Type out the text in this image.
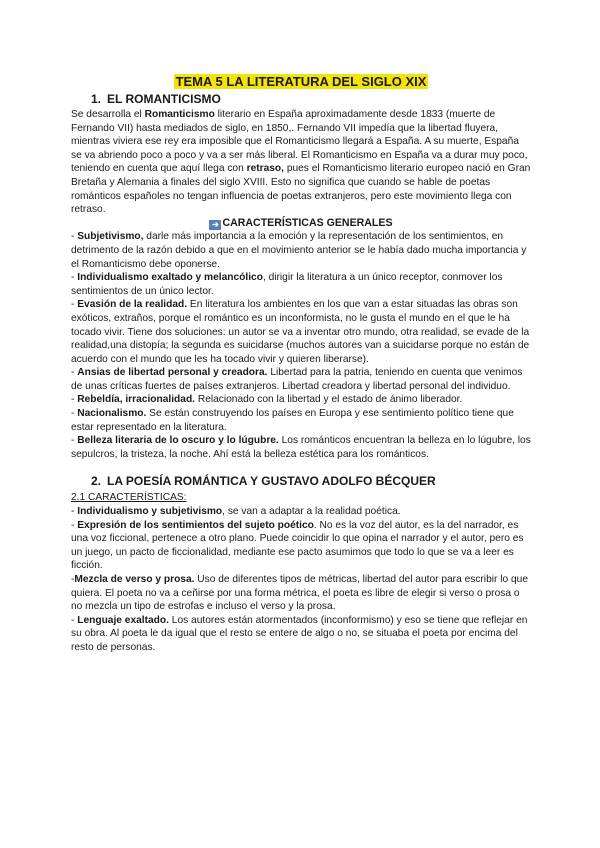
TEMA 5 LA LITERATURA DEL SIGLO XIX
1. EL ROMANTICISMO

Se desarrolla el Romanticismo literario en España aproximadamente desde 1833 (muerte de Fernando VII) hasta mediados de siglo, en 1850,. Fernando VII impedía que la libertad fluyera, mientras viviera ese rey era imposible que el Romanticismo llegará a España. A su muerte, España se va abriendo poco a poco y va a ser más liberal. El Romanticismo en España va a durar muy poco, teniendo en cuenta que aquí llega con retraso, pues el Romanticismo literario europeo nació en Gran Bretaña y Alemania a finales del siglo XVIII. Esto no significa que cuando se hable de poetas románticos españoles no tengan influencia de poetas extranjeros, pero este movimiento llega con retraso.

➔ CARACTERÍSTICAS GENERALES

- Subjetivismo, darle más importancia a la emoción y la representación de los sentimientos, en detrimento de la razón debido a que en el movimiento anterior se le había dado mucha importancia y el Romanticismo debe oponerse.

- Individualismo exaltado y melancólico, dirigir la literatura a un único receptor, conmover los sentimientos de un único lector.

- Evasión de la realidad. En literatura los ambientes en los que van a estar situadas las obras son exóticos, extraños, porque el romántico es un inconformista, no le gusta el mundo en el que le ha tocado vivir. Tiene dos soluciones: un autor se va a inventar otro mundo, otra realidad, se evade de la realidad,una distopía; la segunda es suicidarse (muchos autores van a suicidarse porque no están de acuerdo con el mundo que les ha tocado vivir y quieren liberarse).

- Ansias de libertad personal y creadora. Libertad para la patria, teniendo en cuenta que venimos de unas críticas fuertes de países extranjeros. Libertad creadora y libertad personal del individuo.

- Rebeldía, irracionalidad. Relacionado con la libertad y el estado de ánimo liberador.

- Nacionalismo. Se están construyendo los países en Europa y ese sentimiento político tiene que estar representado en la literatura.

- Belleza literaria de lo oscuro y lo lúgubre. Los románticos encuentran la belleza en lo lúgubre, los sepulcros, la tristeza, la noche. Ahí está la belleza estética para los románticos.

2. LA POESÍA ROMÁNTICA Y GUSTAVO ADOLFO BÉCQUER

2.1 CARACTERÍSTICAS:

- Individualismo y subjetivismo, se van a adaptar a la realidad poética.

- Expresión de los sentimientos del sujeto poético. No es la voz del autor, es la del narrador, es una voz ficcional, pertenece a otro plano. Puede coincidir lo que opina el narrador y el autor, pero es un juego, un pacto de ficcionalidad, mediante ese pacto asumimos que todo lo que se va a leer es ficción.

-Mezcla de verso y prosa. Uso de diferentes tipos de métricas, libertad del autor para escribir lo que quiera. El poeta no va a ceñirse por una forma métrica, el poeta es libre de elegir si verso o prosa o no mezcla un tipo de estrofas e incluso el verso y la prosa.

- Lenguaje exaltado. Los autores están atormentados (inconformismo) y eso se tiene que reflejar en su obra. Al poeta le da igual que el resto se entere de algo o no, se situaba el poeta por encima del resto de personas.
